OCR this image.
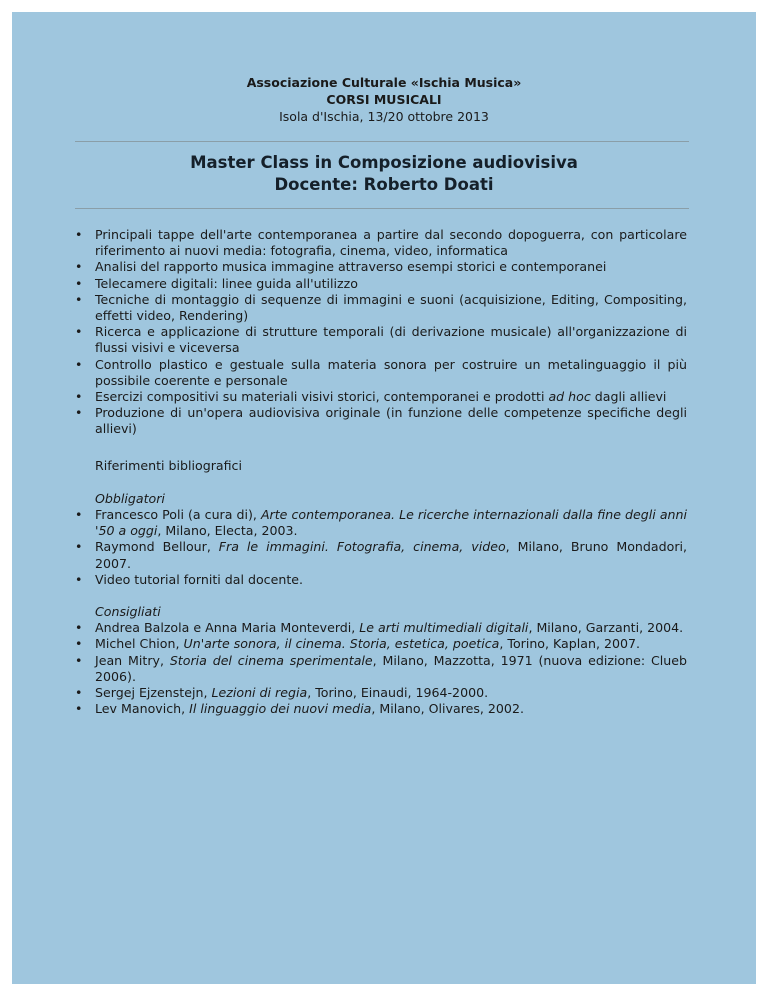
Associazione Culturale «Ischia Musica»
CORSI MUSICALI
Isola d'Ischia, 13/20 ottobre 2013
Master Class in Composizione audiovisiva
Docente: Roberto Doati
• Principali tappe dell'arte contemporanea a partire dal secondo dopoguerra, con particolare riferimento ai nuovi media: fotografia, cinema, video, informatica
• Analisi del rapporto musica immagine attraverso esempi storici e contemporanei
• Telecamere digitali: linee guida all'utilizzo
• Tecniche di montaggio di sequenze di immagini e suoni (acquisizione, Editing, Compositing, effetti video, Rendering)
• Ricerca e applicazione di strutture temporali (di derivazione musicale) all'organizzazione di flussi visivi e viceversa
• Controllo plastico e gestuale sulla materia sonora per costruire un metalinguaggio il più possibile coerente e personale
• Esercizi compositivi su materiali visivi storici, contemporanei e prodotti ad hoc dagli allievi
• Produzione di un'opera audiovisiva originale (in funzione delle competenze specifiche degli allievi)
Riferimenti bibliografici
Obbligatori
• Francesco Poli (a cura di), Arte contemporanea. Le ricerche internazionali dalla fine degli anni '50 a oggi, Milano, Electa, 2003.
• Raymond Bellour, Fra le immagini. Fotografia, cinema, video, Milano, Bruno Mondadori, 2007.
• Video tutorial forniti dal docente.
Consigliati
• Andrea Balzola e Anna Maria Monteverdi, Le arti multimediali digitali, Milano, Garzanti, 2004.
• Michel Chion, Un'arte sonora, il cinema. Storia, estetica, poetica, Torino, Kaplan, 2007.
• Jean Mitry, Storia del cinema sperimentale, Milano, Mazzotta, 1971 (nuova edizione: Clueb 2006).
• Sergej Ejzenstejn, Lezioni di regia, Torino, Einaudi, 1964-2000.
• Lev Manovich, Il linguaggio dei nuovi media, Milano, Olivares, 2002.
